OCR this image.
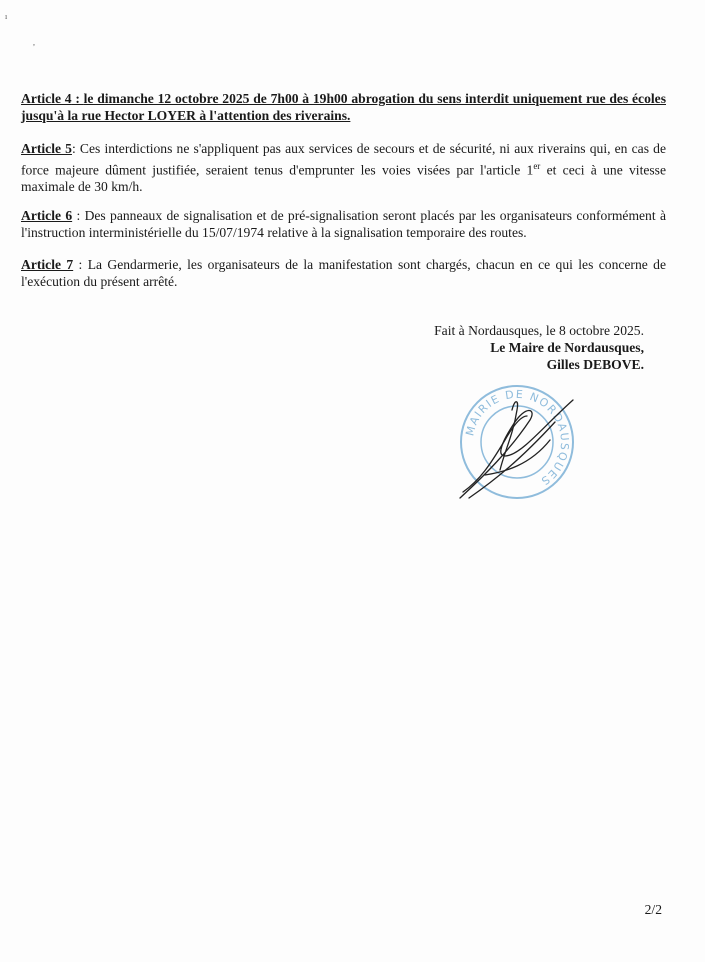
ı
,
Article 4 : le dimanche 12 octobre 2025 de 7h00 à 19h00 abrogation du sens interdit uniquement rue des écoles jusqu'à la rue Hector LOYER à l'attention des riverains.
Article 5: Ces interdictions ne s'appliquent pas aux services de secours et de sécurité, ni aux riverains qui, en cas de force majeure dûment justifiée, seraient tenus d'emprunter les voies visées par l'article 1er et ceci à une vitesse maximale de 30 km/h.
Article 6 : Des panneaux de signalisation et de pré-signalisation seront placés par les organisateurs conformément à l'instruction interministérielle du 15/07/1974 relative à la signalisation temporaire des routes.
Article 7 : La Gendarmerie, les organisateurs de la manifestation sont chargés, chacun en ce qui les concerne de l'exécution du présent arrêté.
Fait à Nordausques, le 8 octobre 2025.
Le Maire de Nordausques,
Gilles DEBOVE.
MAIRIE DE NORDAUSQUES
2/2
